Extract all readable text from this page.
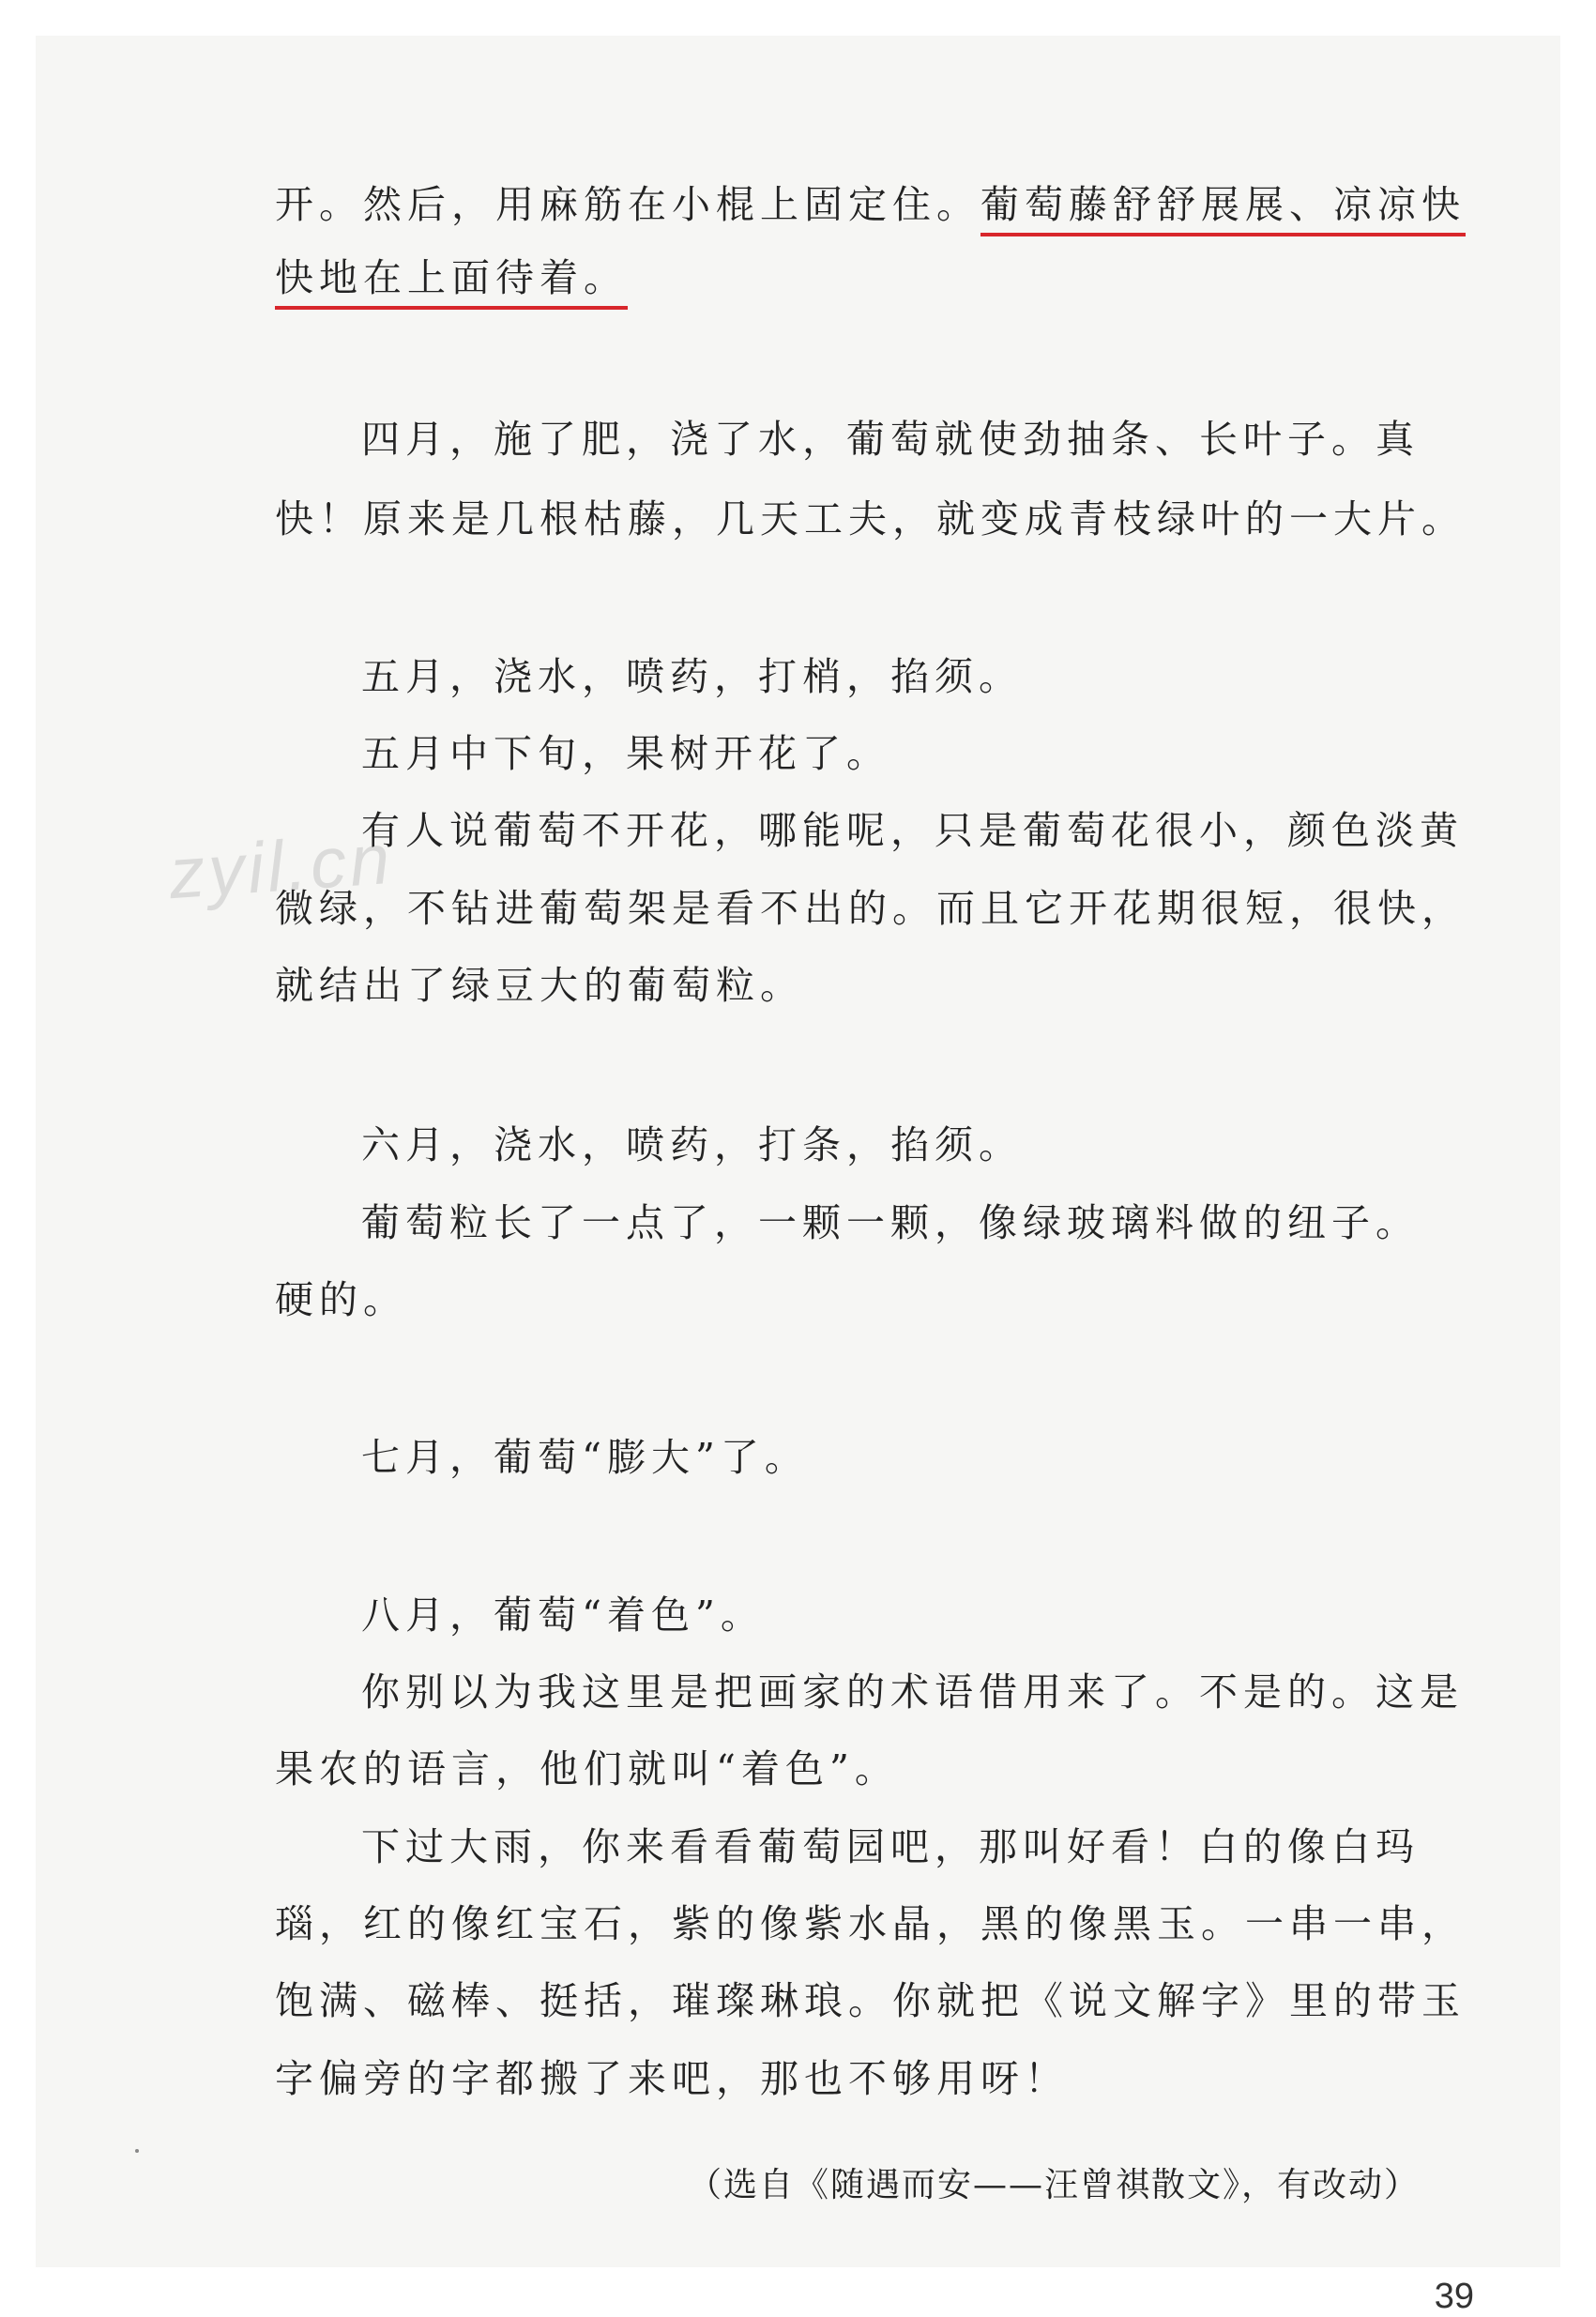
zyil.cn
开。然后，用麻筋在小棍上固定住。葡萄藤舒舒展展、凉凉快
快地在上面待着。
四月，施了肥，浇了水，葡萄就使劲抽条、长叶子。真
快！原来是几根枯藤，几天工夫，就变成青枝绿叶的一大片。
五月，浇水，喷药，打梢，掐须。
五月中下旬，果树开花了。
有人说葡萄不开花，哪能呢，只是葡萄花很小，颜色淡黄
微绿，不钻进葡萄架是看不出的。而且它开花期很短，很快，
就结出了绿豆大的葡萄粒。
六月，浇水，喷药，打条，掐须。
葡萄粒长了一点了，一颗一颗，像绿玻璃料做的纽子。
硬的。
七月，葡萄“膨大”了。
八月，葡萄“着色”。
你别以为我这里是把画家的术语借用来了。不是的。这是
果农的语言，他们就叫“着色”。
下过大雨，你来看看葡萄园吧，那叫好看！白的像白玛
瑙，红的像红宝石，紫的像紫水晶，黑的像黑玉。一串一串，
饱满、磁棒、挺括，璀璨琳琅。你就把《说文解字》里的带玉
字偏旁的字都搬了来吧，那也不够用呀！
（选自《随遇而安——汪曾祺散文》，有改动）
39
